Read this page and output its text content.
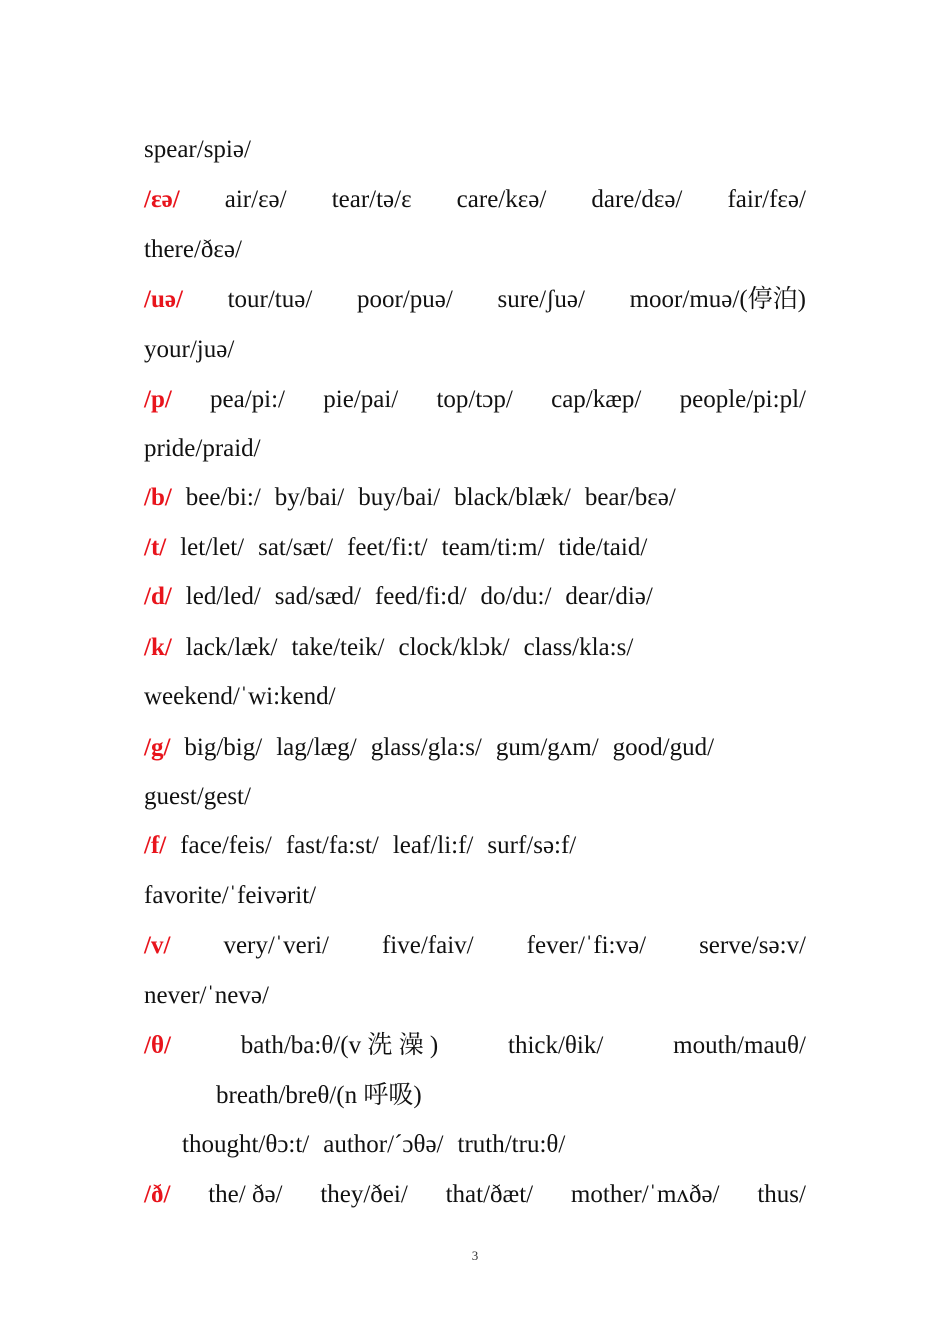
spear/spiə/
/ɛə/ air/ɛə/ tear/tə/ɛ care/kɛə/ dare/dɛə/ fair/fɛə/
there/ðɛə/
/uə/ tour/tuə/ poor/puə/ sure/ʃuə/ moor/muə/(停泊)
your/juə/
/p/ pea/pi:/ pie/pai/ top/tɔp/ cap/kæp/ people/pi:pl/
pride/praid/
/b/ bee/bi:/ by/bai/ buy/bai/ black/blæk/ bear/bɛə/
/t/ let/let/ sat/sæt/ feet/fi:t/ team/ti:m/ tide/taid/
/d/ led/led/ sad/sæd/ feed/fi:d/ do/du:/ dear/diə/
/k/ lack/læk/ take/teik/ clock/klɔk/ class/kla:s/
weekend/ˈwi:kend/
/g/ big/big/ lag/læg/ glass/gla:s/ gum/gʌm/ good/gud/
guest/gest/
/f/ face/feis/ fast/fa:st/ leaf/li:f/ surf/sə:f/
favorite/ˈfeivərit/
/v/ very/ˈveri/ five/faiv/ fever/ˈfi:və/ serve/sə:v/
never/ˈnevə/
/θ/	bath/ba:θ/(v 洗 澡 )	thick/θik/	mouth/mauθ/
breath/breθ/(n 呼吸)
thought/θɔ:t/ author/ˊɔθə/ truth/tru:θ/
/ð/ the/ ðə/ they/ðei/ that/ðæt/ mother/ˈmʌðə/ thus/
3
